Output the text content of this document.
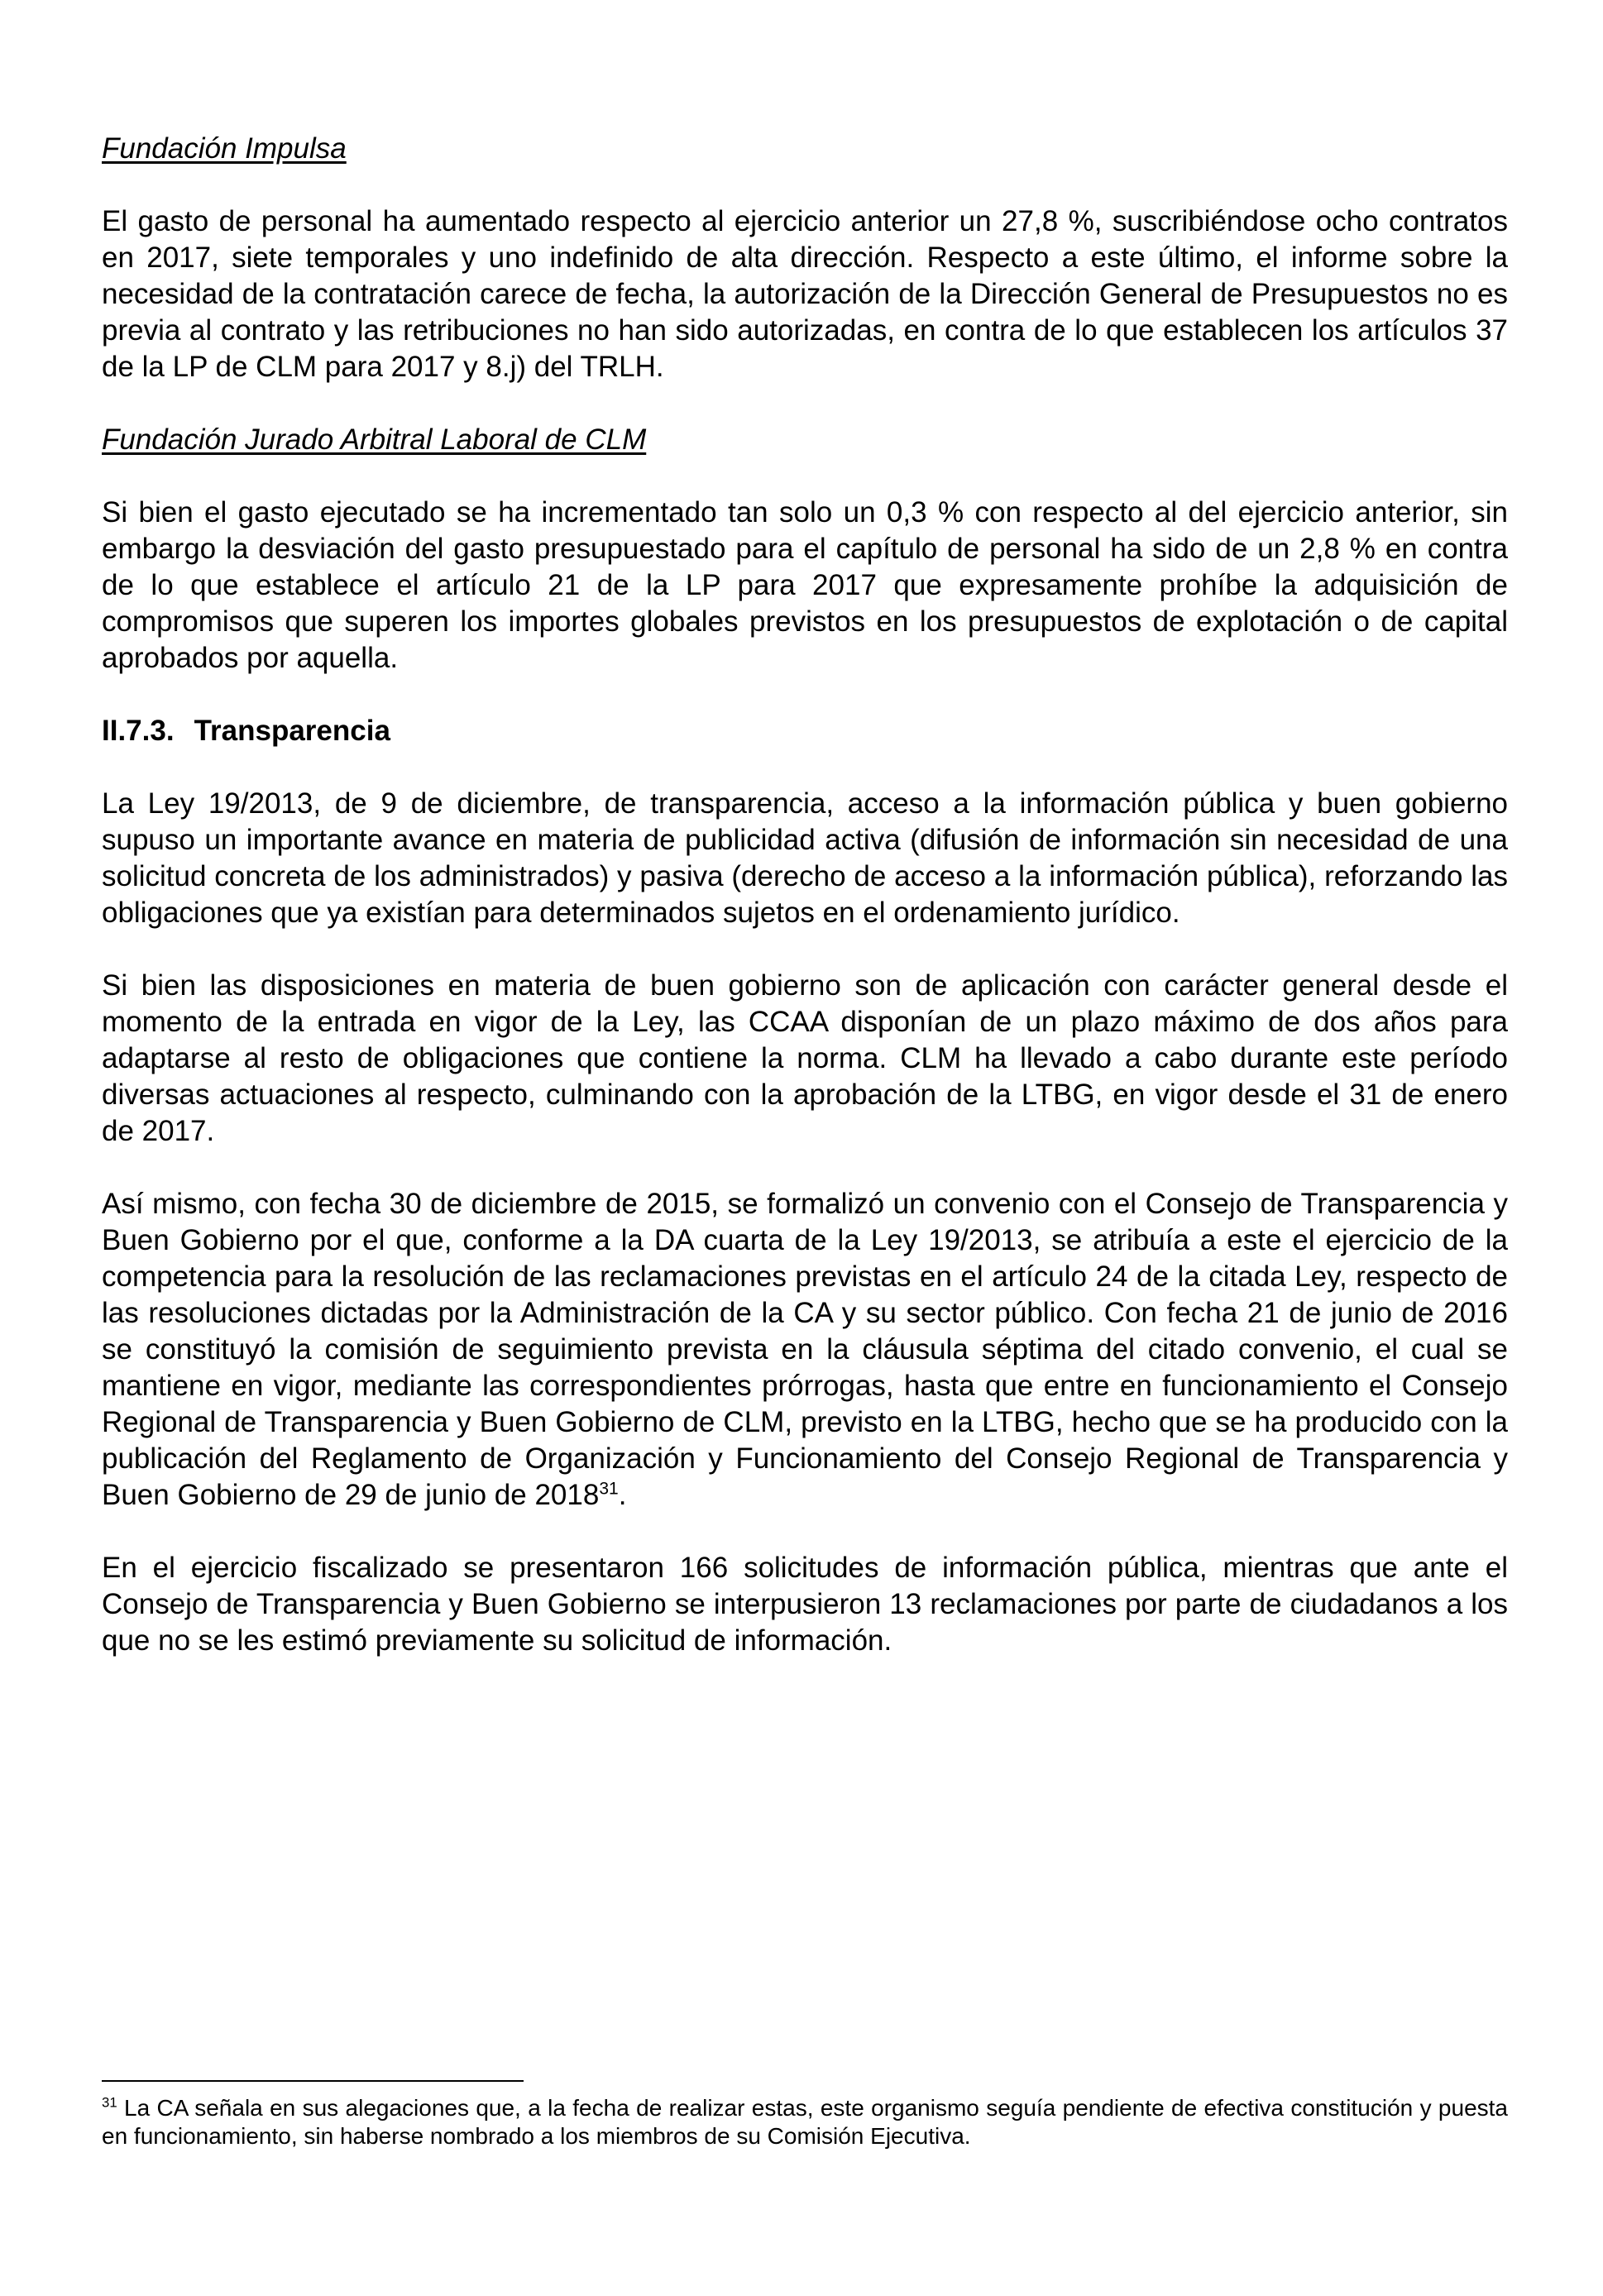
Fundación Impulsa

El gasto de personal ha aumentado respecto al ejercicio anterior un 27,8 %, suscribiéndose ocho contratos en 2017, siete temporales y uno indefinido de alta dirección. Respecto a este último, el informe sobre la necesidad de la contratación carece de fecha, la autorización de la Dirección General de Presupuestos no es previa al contrato y las retribuciones no han sido autorizadas, en contra de lo que establecen los artículos 37 de la LP de CLM para 2017 y 8.j) del TRLH.

Fundación Jurado Arbitral Laboral de CLM

Si bien el gasto ejecutado se ha incrementado tan solo un 0,3 % con respecto al del ejercicio anterior, sin embargo la desviación del gasto presupuestado para el capítulo de personal ha sido de un 2,8 % en contra de lo que establece el artículo 21 de la LP para 2017 que expresamente prohíbe la adquisición de compromisos que superen los importes globales previstos en los presupuestos de explotación o de capital aprobados por aquella.

II.7.3. Transparencia

La Ley 19/2013, de 9 de diciembre, de transparencia, acceso a la información pública y buen gobierno supuso un importante avance en materia de publicidad activa (difusión de información sin necesidad de una solicitud concreta de los administrados) y pasiva (derecho de acceso a la información pública), reforzando las obligaciones que ya existían para determinados sujetos en el ordenamiento jurídico.

Si bien las disposiciones en materia de buen gobierno son de aplicación con carácter general desde el momento de la entrada en vigor de la Ley, las CCAA disponían de un plazo máximo de dos años para adaptarse al resto de obligaciones que contiene la norma. CLM ha llevado a cabo durante este período diversas actuaciones al respecto, culminando con la aprobación de la LTBG, en vigor desde el 31 de enero de 2017.

Así mismo, con fecha 30 de diciembre de 2015, se formalizó un convenio con el Consejo de Transparencia y Buen Gobierno por el que, conforme a la DA cuarta de la Ley 19/2013, se atribuía a este el ejercicio de la competencia para la resolución de las reclamaciones previstas en el artículo 24 de la citada Ley, respecto de las resoluciones dictadas por la Administración de la CA y su sector público. Con fecha 21 de junio de 2016 se constituyó la comisión de seguimiento prevista en la cláusula séptima del citado convenio, el cual se mantiene en vigor, mediante las correspondientes prórrogas, hasta que entre en funcionamiento el Consejo Regional de Transparencia y Buen Gobierno de CLM, previsto en la LTBG, hecho que se ha producido con la publicación del Reglamento de Organización y Funcionamiento del Consejo Regional de Transparencia y Buen Gobierno de 29 de junio de 2018$^{31}$.

En el ejercicio fiscalizado se presentaron 166 solicitudes de información pública, mientras que ante el Consejo de Transparencia y Buen Gobierno se interpusieron 13 reclamaciones por parte de ciudadanos a los que no se les estimó previamente su solicitud de información.

$^{31}$ La CA señala en sus alegaciones que, a la fecha de realizar estas, este organismo seguía pendiente de efectiva constitución y puesta en funcionamiento, sin haberse nombrado a los miembros de su Comisión Ejecutiva.
